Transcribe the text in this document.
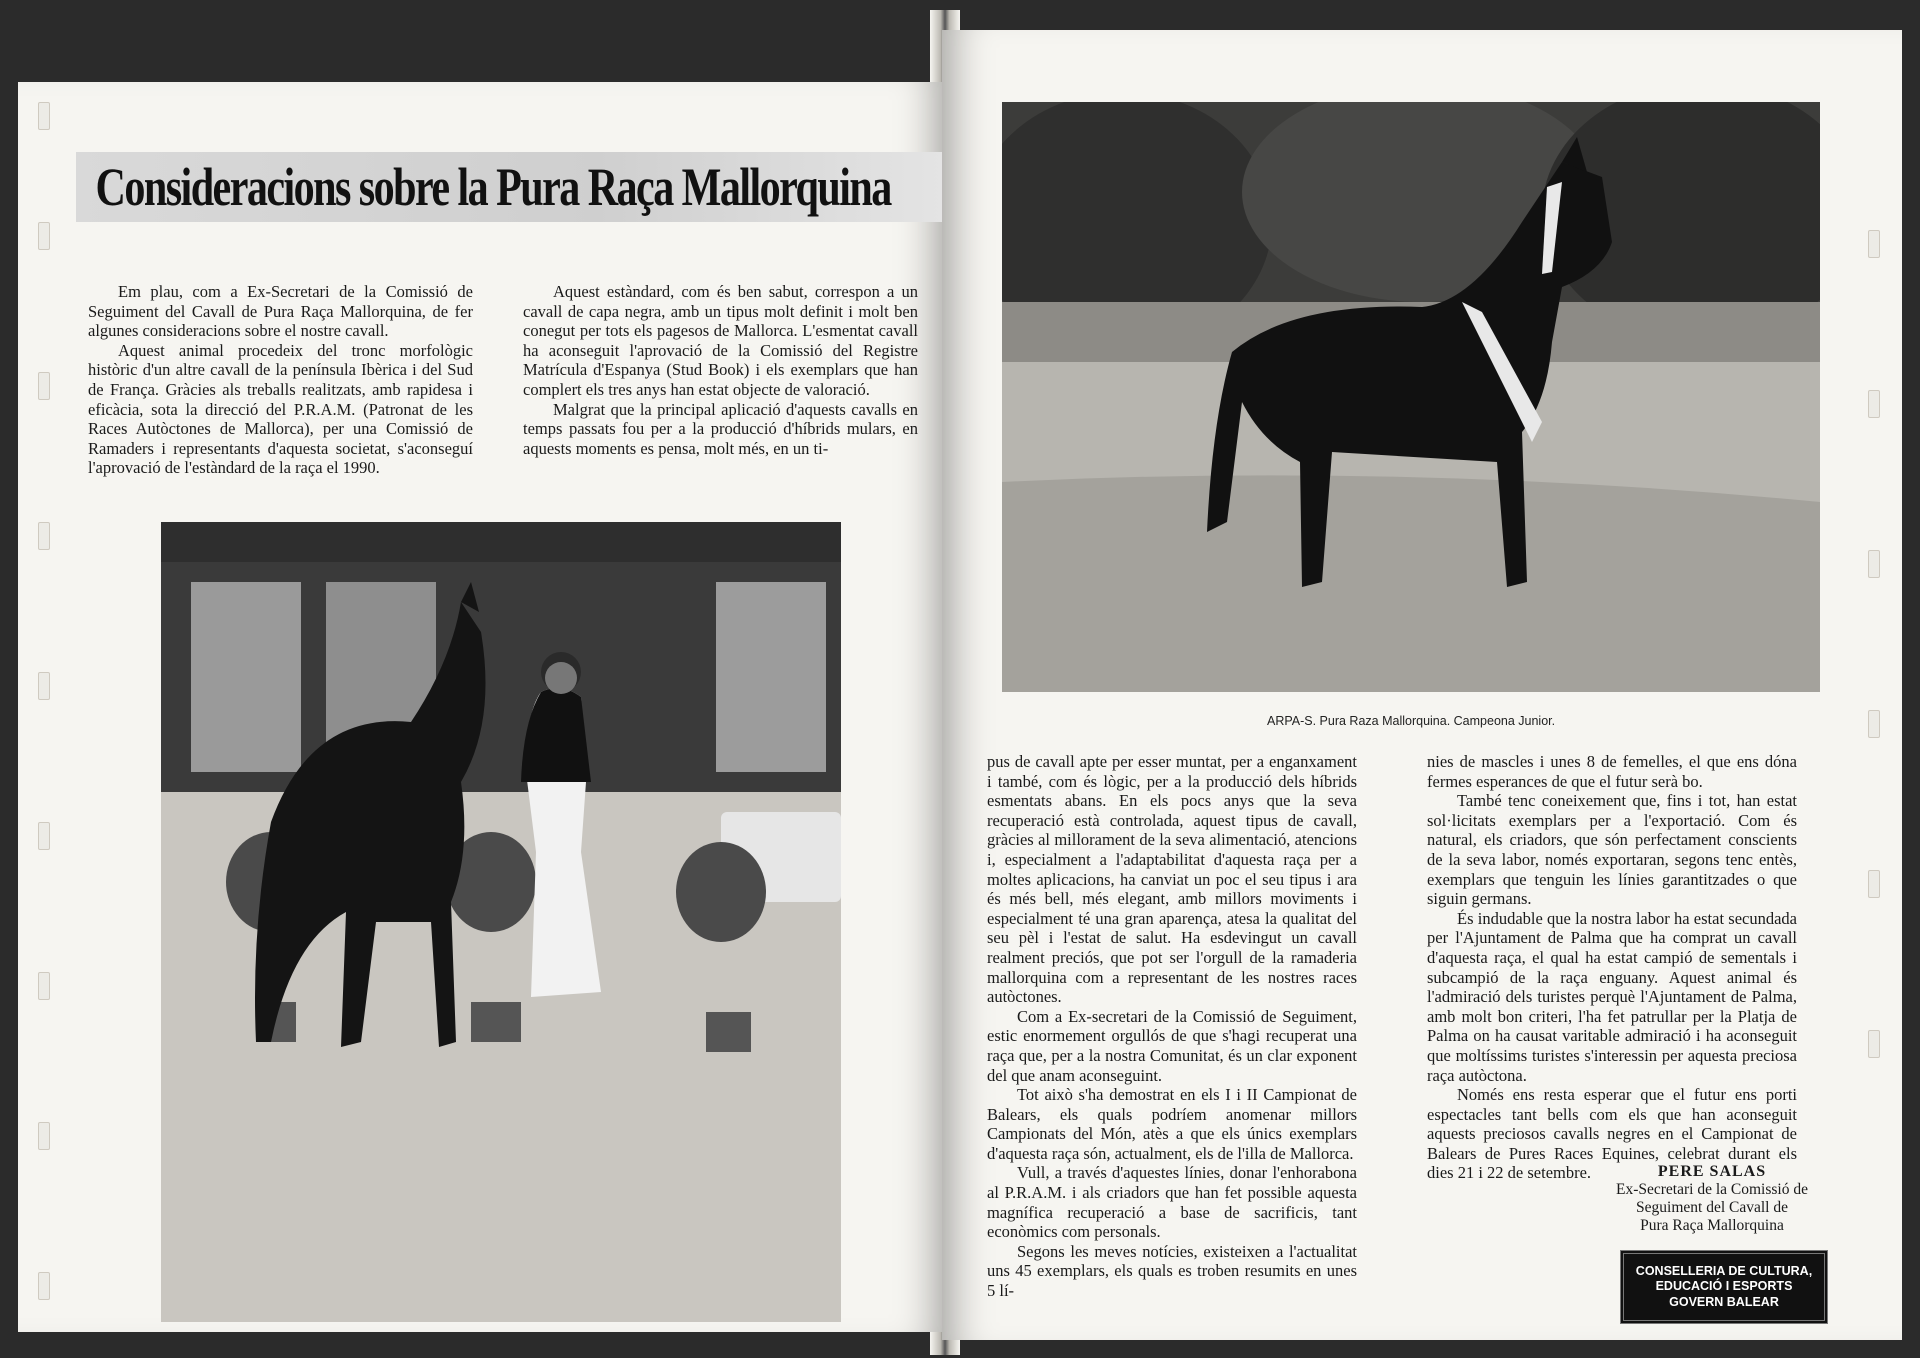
Consideracions sobre la Pura Raça Mallorquina

Em plau, com a Ex-Secretari de la Comissió de Seguiment del Cavall de Pura Raça Mallorquina, de fer algunes consideracions sobre el nostre cavall.

Aquest animal procedeix del tronc morfològic històric d'un altre cavall de la península Ibèrica i del Sud de França. Gràcies als treballs realitzats, amb rapidesa i eficàcia, sota la direcció del P.R.A.M. (Patronat de les Races Autòctones de Mallorca), per una Comissió de Ramaders i representants d'aquesta societat, s'aconseguí l'aprovació de l'estàndard de la raça el 1990.

Aquest estàndard, com és ben sabut, correspon a un cavall de capa negra, amb un tipus molt definit i molt ben conegut per tots els pagesos de Mallorca. L'esmentat cavall ha aconseguit l'aprovació de la Comissió del Registre Matrícula d'Espanya (Stud Book) i els exemplars que han complert els tres anys han estat objecte de valoració.

Malgrat que la principal aplicació d'aquests cavalls en temps passats fou per a la producció d'híbrids mulars, en aquests moments es pensa, molt més, en un ti-

ARPA-S. Pura Raza Mallorquina. Campeona Junior.

pus de cavall apte per esser muntat, per a enganxament i també, com és lògic, per a la producció dels híbrids esmentats abans. En els pocs anys que la seva recuperació està controlada, aquest tipus de cavall, gràcies al millorament de la seva alimentació, atencions i, especialment a l'adaptabilitat d'aquesta raça per a moltes aplicacions, ha canviat un poc el seu tipus i ara és més bell, més elegant, amb millors moviments i especialment té una gran aparença, atesa la qualitat del seu pèl i l'estat de salut. Ha esdevingut un cavall realment preciós, que pot ser l'orgull de la ramaderia mallorquina com a representant de les nostres races autòctones.

Com a Ex-secretari de la Comissió de Seguiment, estic enormement orgullós de que s'hagi recuperat una raça que, per a la nostra Comunitat, és un clar exponent del que anam aconseguint.

Tot això s'ha demostrat en els I i II Campionat de Balears, els quals podríem anomenar millors Campionats del Món, atès a que els únics exemplars d'aquesta raça són, actualment, els de l'illa de Mallorca.

Vull, a través d'aquestes línies, donar l'enhorabona al P.R.A.M. i als criadors que han fet possible aquesta magnífica recuperació a base de sacrificis, tant econòmics com personals.

Segons les meves notícies, existeixen a l'actualitat uns 45 exemplars, els quals es troben resumits en unes 5 lí-

nies de mascles i unes 8 de femelles, el que ens dóna fermes esperances de que el futur serà bo.

També tenc coneixement que, fins i tot, han estat sol·licitats exemplars per a l'exportació. Com és natural, els criadors, que són perfectament conscients de la seva labor, només exportaran, segons tenc entès, exemplars que tenguin les línies garantitzades o que siguin germans.

És indudable que la nostra labor ha estat secundada per l'Ajuntament de Palma que ha comprat un cavall d'aquesta raça, el qual ha estat campió de sementals i subcampió de la raça enguany. Aquest animal és l'admiració dels turistes perquè l'Ajuntament de Palma, amb molt bon criteri, l'ha fet patrullar per la Platja de Palma on ha causat varitable admiració i ha aconseguit que moltíssims turistes s'interessin per aquesta preciosa raça autòctona.

Només ens resta esperar que el futur ens porti espectacles tant bells com els que han aconseguit aquests preciosos cavalls negres en el Campionat de Balears de Pures Races Equines, celebrat durant els dies 21 i 22 de setembre.	PERE SALAS
Ex-Secretari de la Comissió de
Seguiment del Cavall de
Pura Raça Mallorquina
CONSELLERIA DE CULTURA,
EDUCACIÓ I ESPORTS
GOVERN BALEAR
